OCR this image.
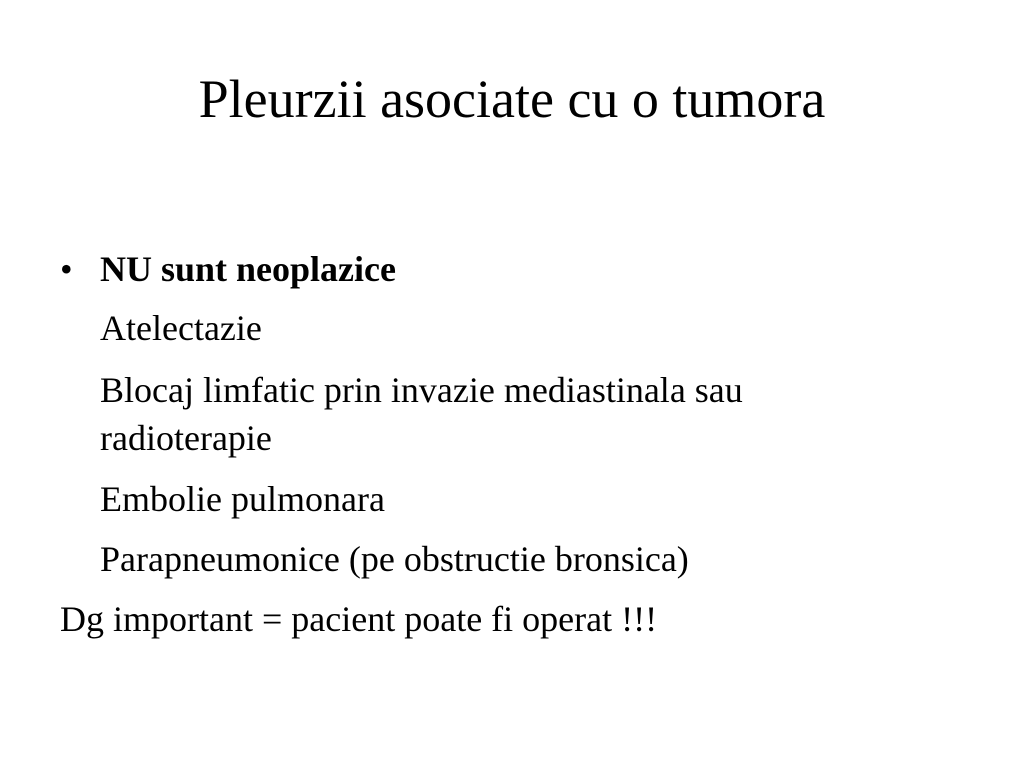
Pleurzii asociate cu o tumora
• NU sunt neoplazice
Atelectazie
Blocaj limfatic prin invazie mediastinala sau
radioterapie
Embolie pulmonara
Parapneumonice (pe obstructie bronsica)
Dg important = pacient poate fi operat !!!
